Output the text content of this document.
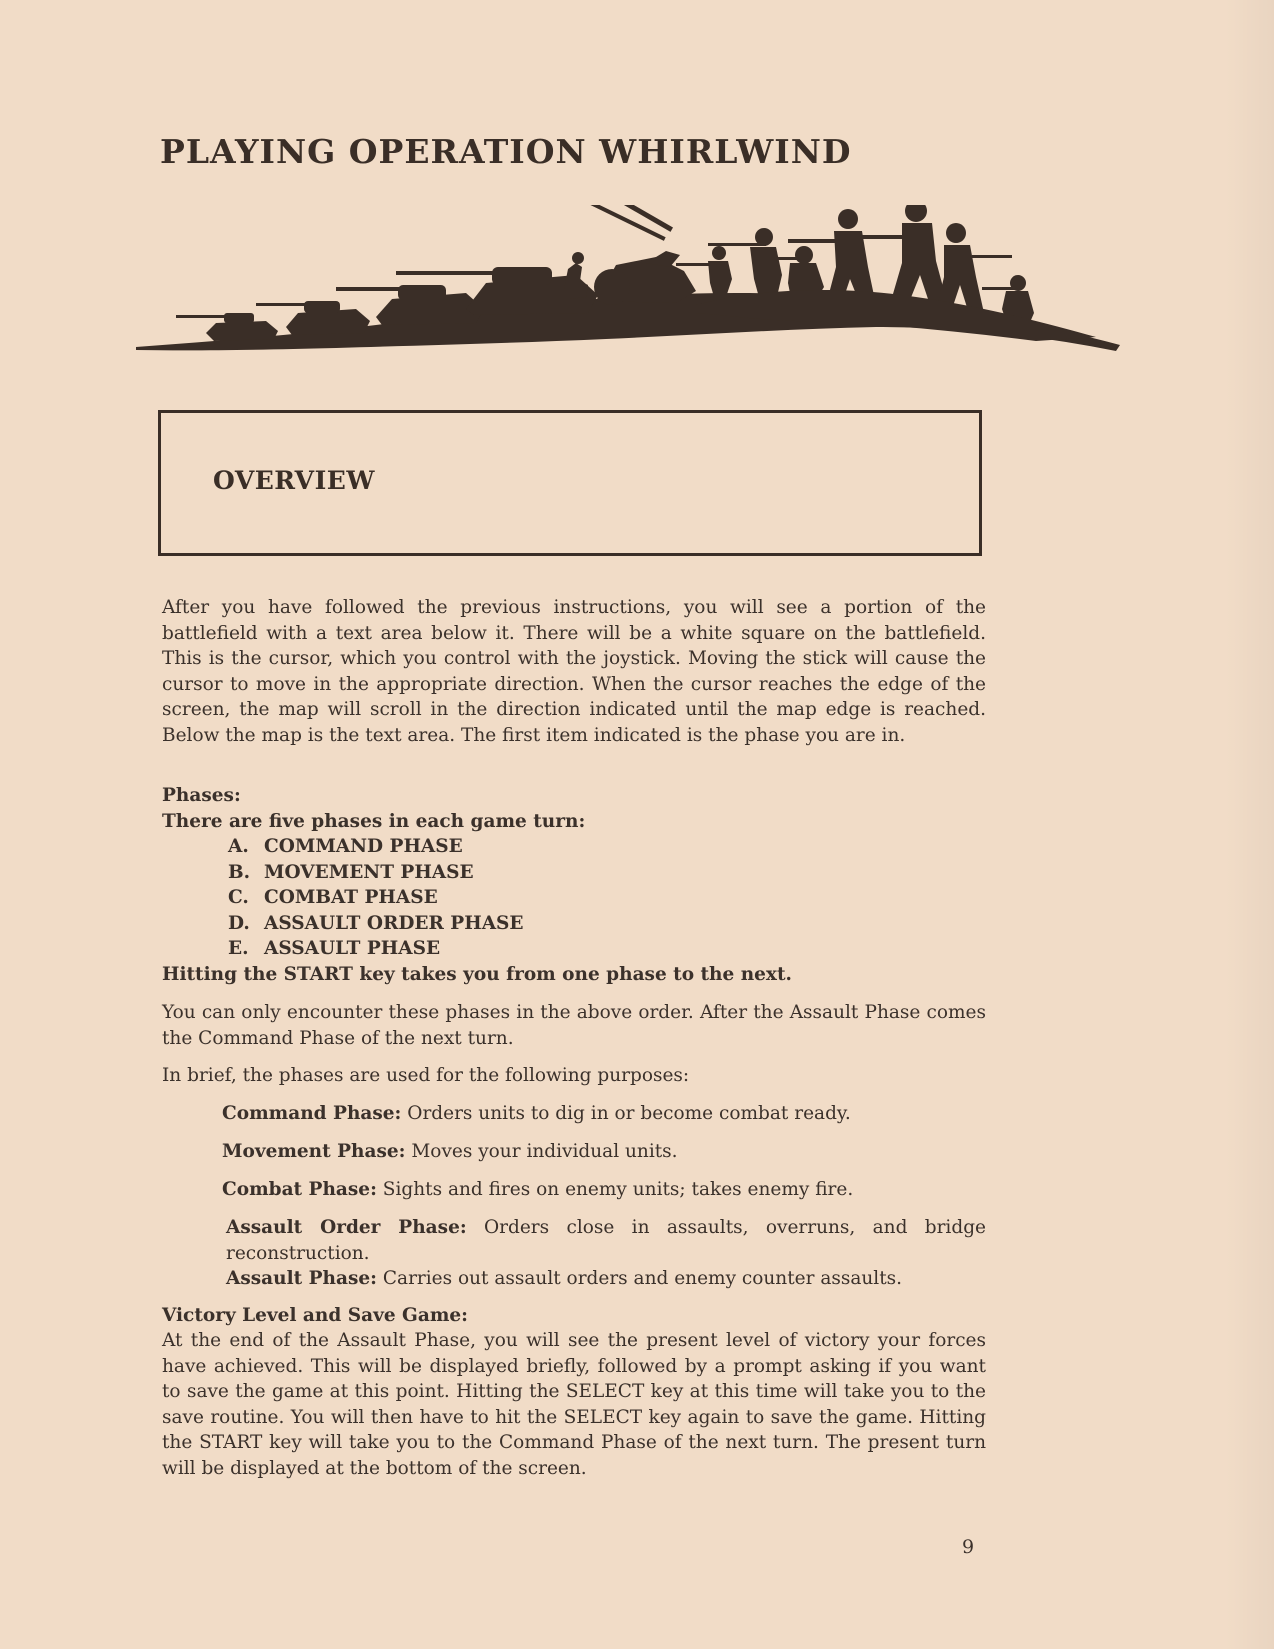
PLAYING OPERATION WHIRLWIND
OVERVIEW

After you have followed the previous instructions, you will see a portion of the battlefield with a text area below it. There will be a white square on the battlefield. This is the cursor, which you control with the joystick. Moving the stick will cause the cursor to move in the appropriate direction. When the cursor reaches the edge of the screen, the map will scroll in the direction indicated until the map edge is reached. Below the map is the text area. The first item indicated is the phase you are in.

Phases:
There are five phases in each game turn:
A. COMMAND PHASE
B. MOVEMENT PHASE
C. COMBAT PHASE
D. ASSAULT ORDER PHASE
E. ASSAULT PHASE
Hitting the START key takes you from one phase to the next.

You can only encounter these phases in the above order. After the Assault Phase comes the Command Phase of the next turn.

In brief, the phases are used for the following purposes:

Command Phase: Orders units to dig in or become combat ready.

Movement Phase: Moves your individual units.

Combat Phase: Sights and fires on enemy units; takes enemy fire.

Assault Order Phase: Orders close in assaults, overruns, and bridge reconstruction.

Assault Phase: Carries out assault orders and enemy counter assaults.

Victory Level and Save Game:

At the end of the Assault Phase, you will see the present level of victory your forces have achieved. This will be displayed briefly, followed by a prompt asking if you want to save the game at this point. Hitting the SELECT key at this time will take you to the save routine. You will then have to hit the SELECT key again to save the game. Hitting the START key will take you to the Command Phase of the next turn. The present turn will be displayed at the bottom of the screen.

9
